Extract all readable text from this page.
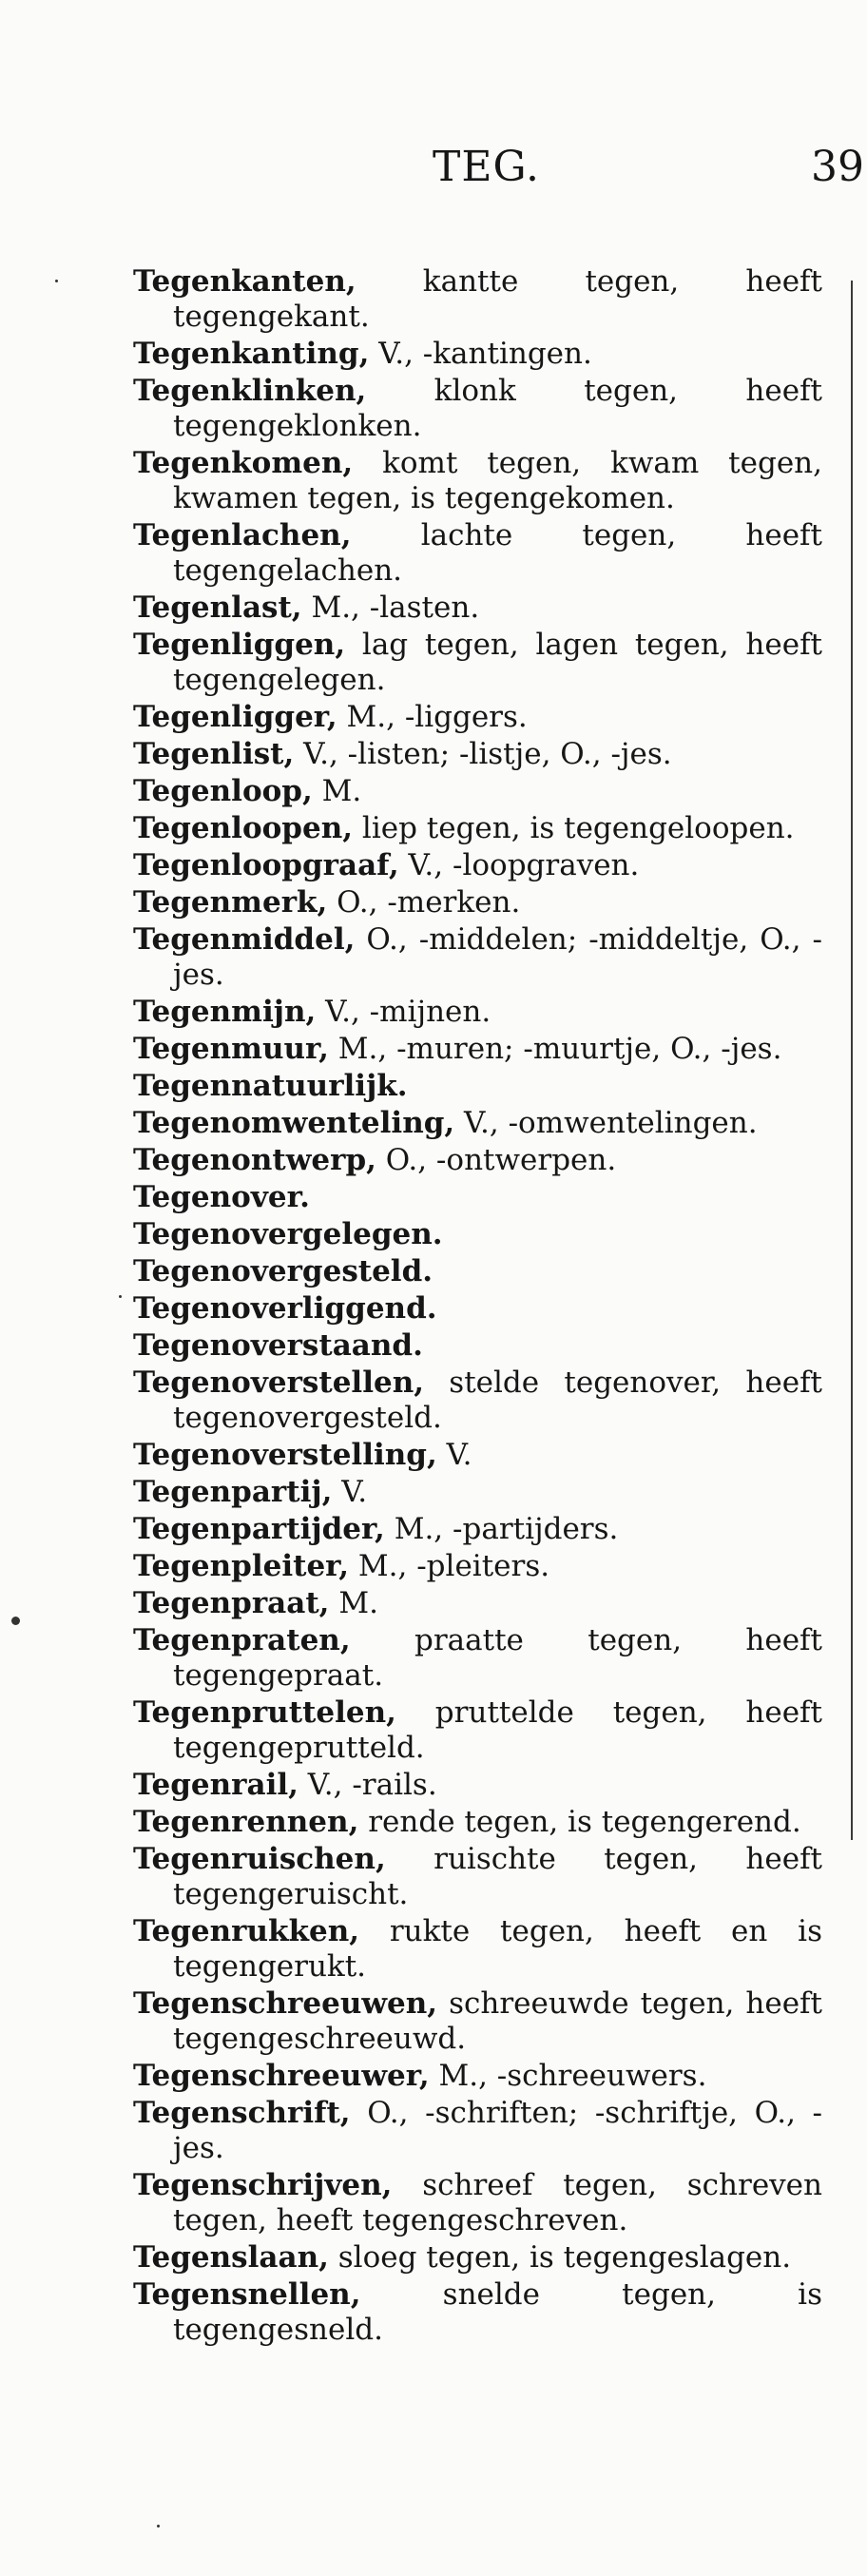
TEG.	39
Tegenkanten, kantte tegen, heeft tegengekant.
Tegenkanting, V., -kantingen.
Tegenklinken, klonk tegen, heeft tegengeklonken.
Tegenkomen, komt tegen, kwam tegen, kwamen tegen, is tegengekomen.
Tegenlachen, lachte tegen, heeft tegengelachen.
Tegenlast, M., -lasten.
Tegenliggen, lag tegen, lagen tegen, heeft tegengelegen.
Tegenligger, M., -liggers.
Tegenlist, V., -listen; -listje, O., -jes.
Tegenloop, M.
Tegenloopen, liep tegen, is tegengeloopen.
Tegenloopgraaf, V., -loopgraven.
Tegenmerk, O., -merken.
Tegenmiddel, O., -middelen; -middeltje, O., -jes.
Tegenmijn, V., -mijnen.
Tegenmuur, M., -muren; -muurtje, O., -jes.
Tegennatuurlijk.
Tegenomwenteling, V., -omwentelingen.
Tegenontwerp, O., -ontwerpen.
Tegenover.
Tegenovergelegen.
Tegenovergesteld.
Tegenoverliggend.
Tegenoverstaand.
Tegenoverstellen, stelde tegenover, heeft tegenovergesteld.
Tegenoverstelling, V.
Tegenpartij, V.
Tegenpartijder, M., -partijders.
Tegenpleiter, M., -pleiters.
Tegenpraat, M.
Tegenpraten, praatte tegen, heeft tegengepraat.
Tegenpruttelen, pruttelde tegen, heeft tegengeprutteld.
Tegenrail, V., -rails.
Tegenrennen, rende tegen, is tegengerend.
Tegenruischen, ruischte tegen, heeft tegengeruischt.
Tegenrukken, rukte tegen, heeft en is tegengerukt.
Tegenschreeuwen, schreeuwde tegen, heeft tegengeschreeuwd.
Tegenschreeuwer, M., -schreeuwers.
Tegenschrift, O., -schriften; -schriftje, O., -jes.
Tegenschrijven, schreef tegen, schreven tegen, heeft tegengeschreven.
Tegenslaan, sloeg tegen, is tegengeslagen.
Tegensnellen, snelde tegen, is tegengesneld.
